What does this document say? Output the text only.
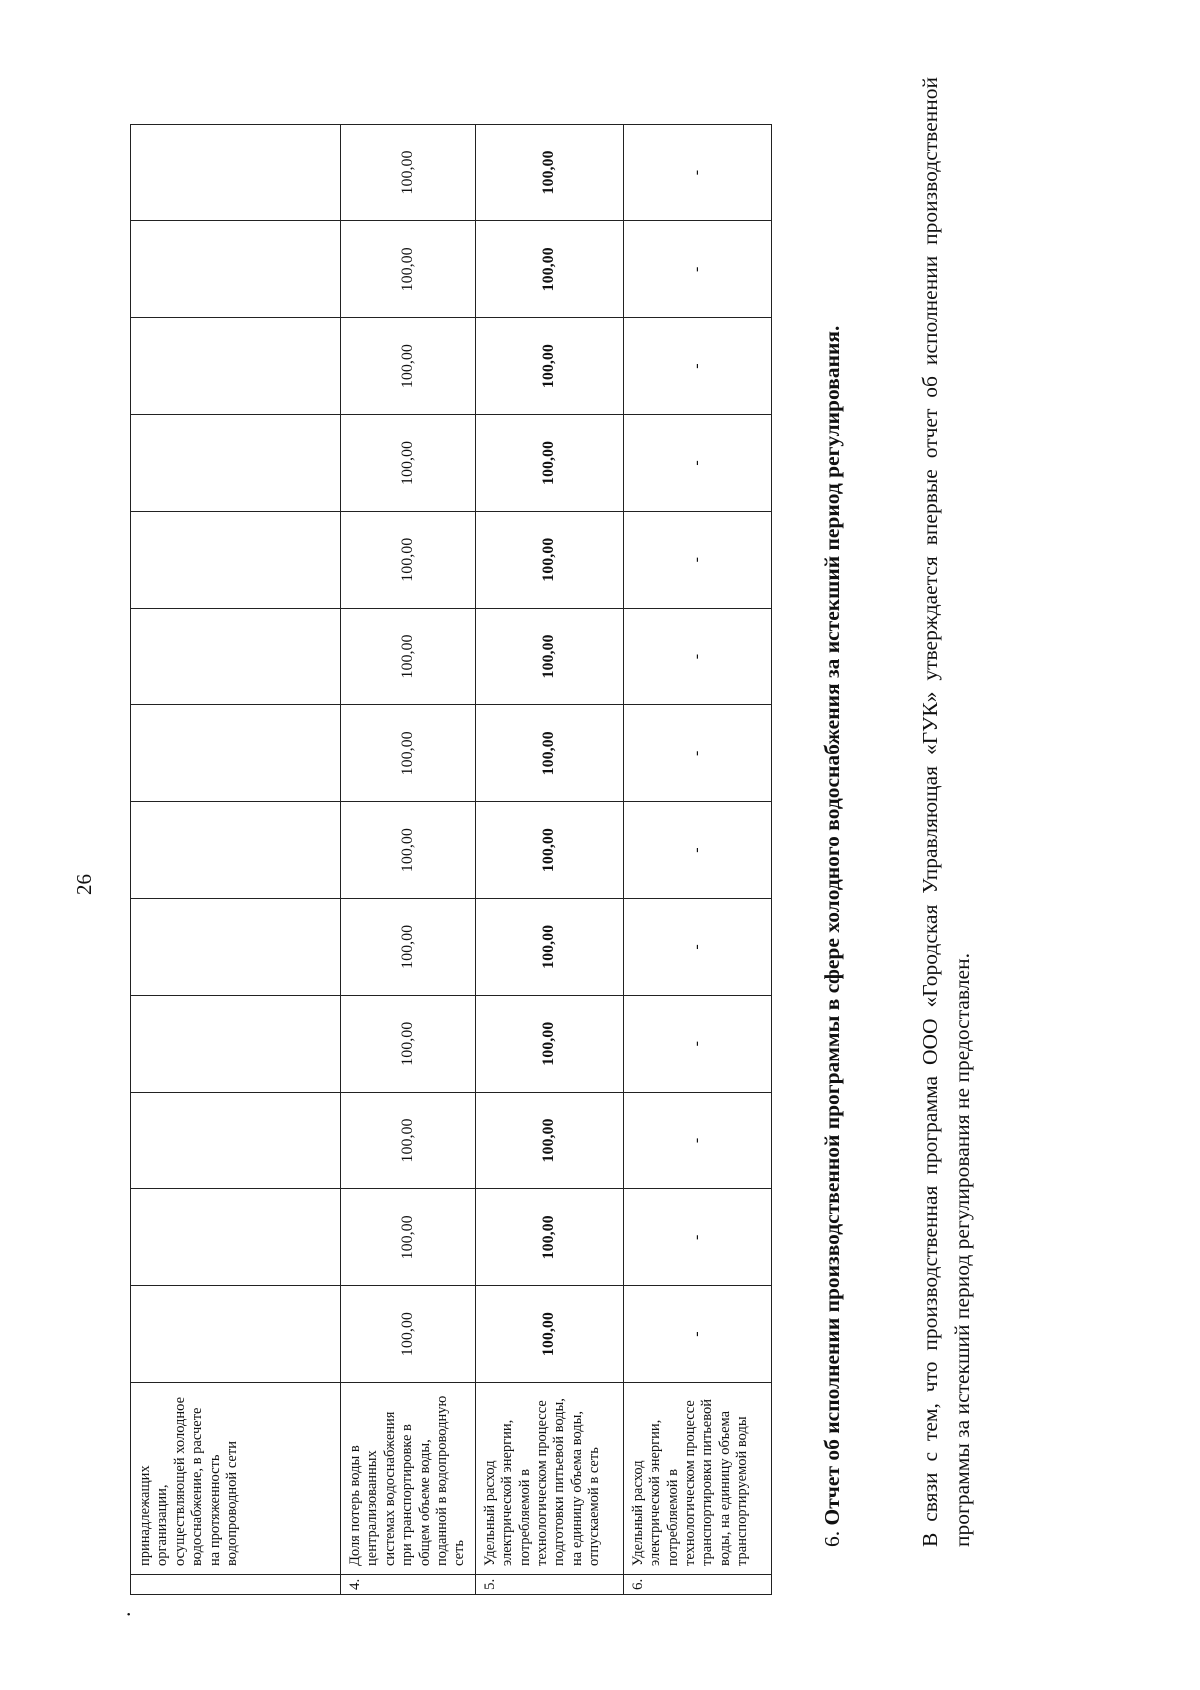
26
.
	принадлежащих организации, осуществляющей холодное водоснабжение, в расчете на протяженность водопроводной сети													
4.	Доля потерь воды в централизованных системах водоснабжения при транспортировке в общем объеме воды, поданной в водопроводную сеть	100,00	100,00	100,00	100,00	100,00	100,00	100,00	100,00	100,00	100,00	100,00	100,00	100,00
5.	Удельный расход электрической энергии, потребляемой в технологическом процессе подготовки питьевой воды, на единицу объема воды, отпускаемой в сеть	100,00	100,00	100,00	100,00	100,00	100,00	100,00	100,00	100,00	100,00	100,00	100,00	100,00
6.	Удельный расход электрической энергии, потребляемой в технологическом процессе транспортировки питьевой воды, на единицу объема транспортируемой воды	-	-	-	-	-	-	-	-	-	-	-	-	-
6. Отчет об исполнении производственной программы в сфере холодного водоснабжения за истекший период регулирования.	В связи с тем, что производственная программа ООО «Городская Управляющая «ГУК» утверждается впервые отчет об исполнении производственной программы за истекший период регулирования не предоставлен.
